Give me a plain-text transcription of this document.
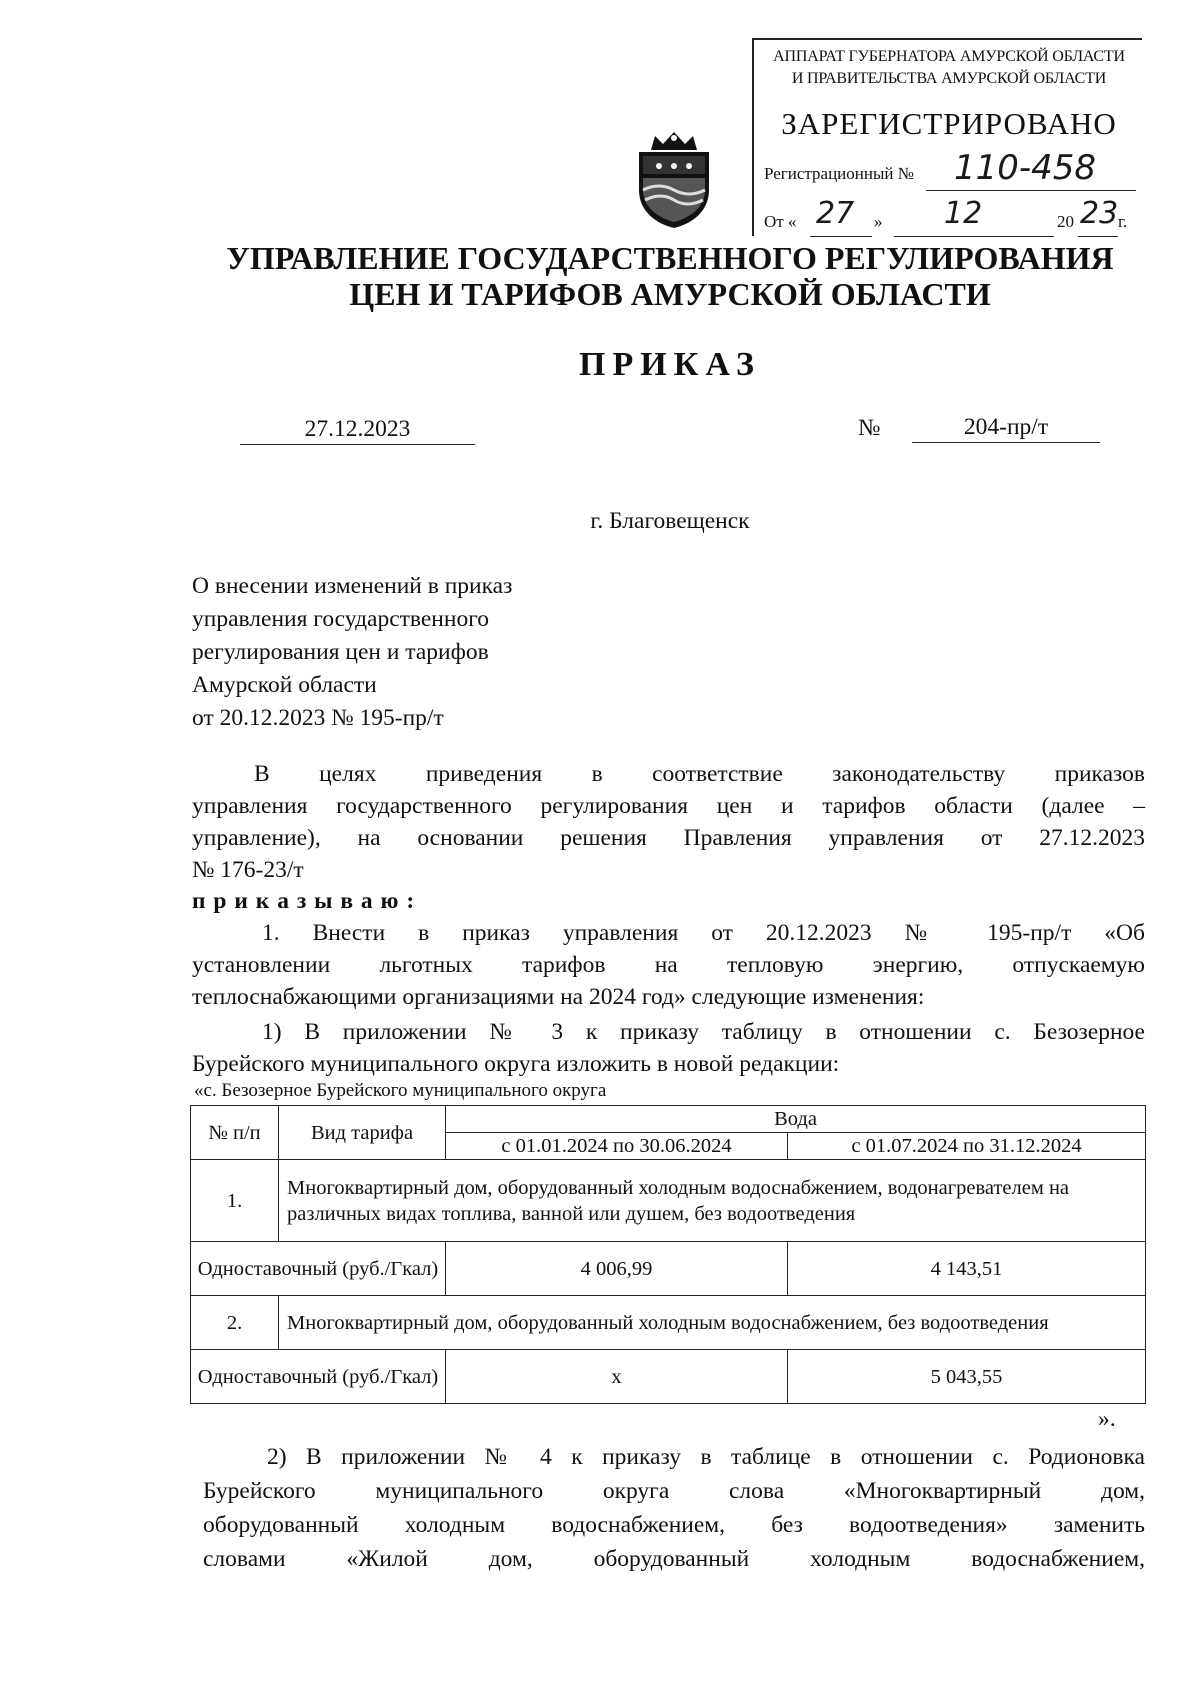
АППАРАТ ГУБЕРНАТОРА АМУРСКОЙ ОБЛАСТИ
И ПРАВИТЕЛЬСТВА АМУРСКОЙ ОБЛАСТИ
ЗАРЕГИСТРИРОВАНО
Регистрационный № 110-458
От « 27 » 12	20 23 г.
УПРАВЛЕНИЕ ГОСУДАРСТВЕННОГО РЕГУЛИРОВАНИЯ
ЦЕН И ТАРИФОВ АМУРСКОЙ ОБЛАСТИ
ПРИКАЗ
27.12.2023	№	204-пр/т
г. Благовещенск
О внесении изменений в приказ
управления государственного
регулирования цен и тарифов
Амурской области
от 20.12.2023 № 195-пр/т
В целях приведения в соответствие законодательству приказов
управления государственного регулирования цен и тарифов области (далее –
управление), на основании решения Правления управления от 27.12.2023
№ 176-23/т
п р и к а з ы в а ю :
1. Внести в приказ управления от 20.12.2023 № 195-пр/т «Об
установлении льготных тарифов на тепловую энергию, отпускаемую
теплоснабжающими организациями на 2024 год» следующие изменения:
1) В приложении № 3 к приказу таблицу в отношении с. Безозерное
Бурейского муниципального округа изложить в новой редакции:
«с. Безозерное Бурейского муниципального округа
№ п/п	Вид тарифа	Вода	
		с 01.01.2024 по 30.06.2024	с 01.07.2024 по 31.12.2024
1.	Многоквартирный дом, оборудованный холодным водоснабжением, водонагревателем на различных видах топлива, ванной или душем, без водоотведения		
Одноставочный (руб./Гкал)		4 006,99	4 143,51
2.	Многоквартирный дом, оборудованный холодным водоснабжением, без водоотведения		
Одноставочный (руб./Гкал)		х	5 043,55
».
2) В приложении № 4 к приказу в таблице в отношении с. Родионовка
Бурейского муниципального округа слова «Многоквартирный дом,
оборудованный холодным водоснабжением, без водоотведения» заменить
словами «Жилой дом, оборудованный холодным водоснабжением,
